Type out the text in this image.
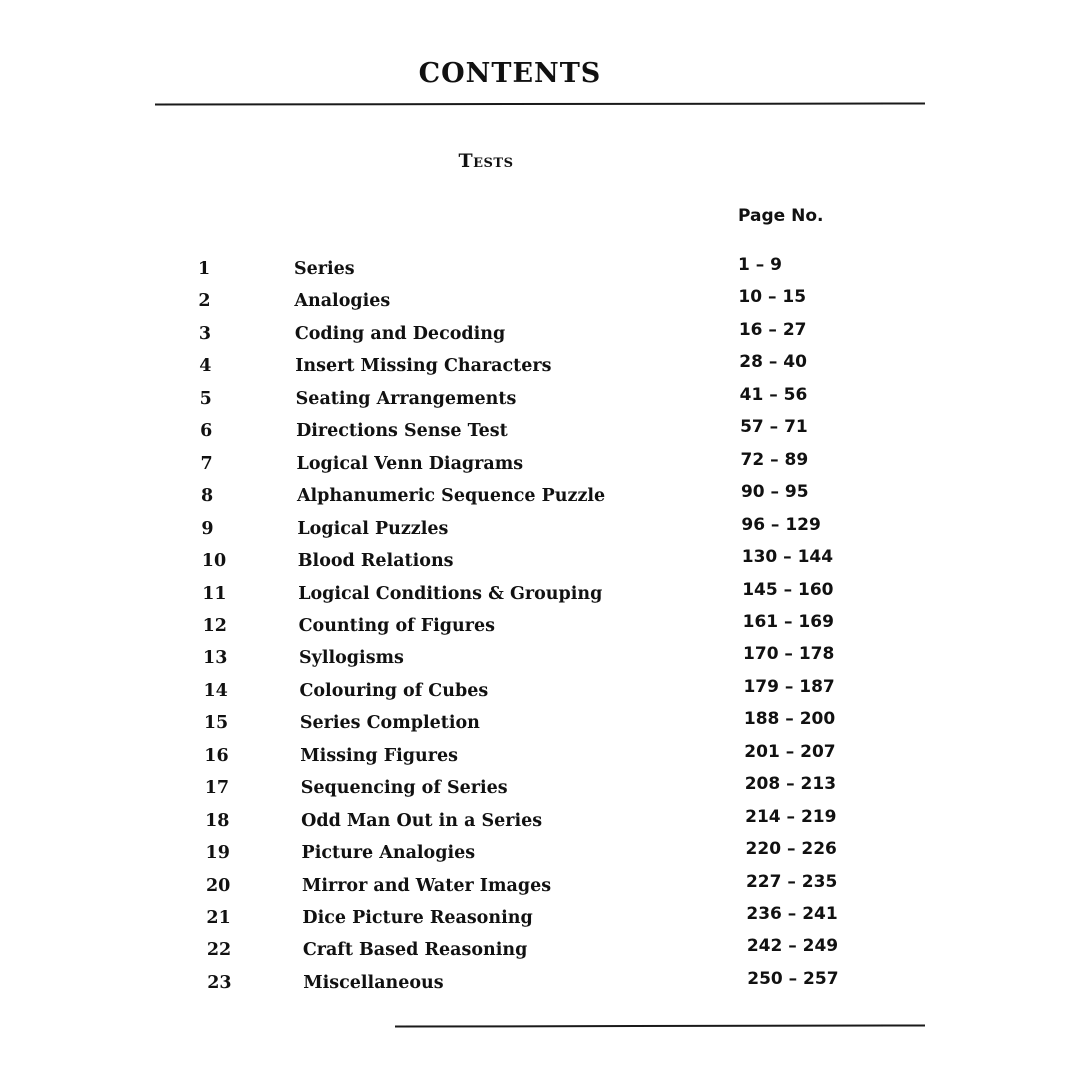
CONTENTS
Tests
Page No.
1	Series	1 – 9
2	Analogies	10 – 15
3	Coding and Decoding	16 – 27
4	Insert Missing Characters	28 – 40
5	Seating Arrangements	41 – 56
6	Directions Sense Test	57 – 71
7	Logical Venn Diagrams	72 – 89
8	Alphanumeric Sequence Puzzle	90 – 95
9	Logical Puzzles	96 – 129
10	Blood Relations	130 – 144
11	Logical Conditions & Grouping	145 – 160
12	Counting of Figures	161 – 169
13	Syllogisms	170 – 178
14	Colouring of Cubes	179 – 187
15	Series Completion	188 – 200
16	Missing Figures	201 – 207
17	Sequencing of Series	208 – 213
18	Odd Man Out in a Series	214 – 219
19	Picture Analogies	220 – 226
20	Mirror and Water Images	227 – 235
21	Dice Picture Reasoning	236 – 241
22	Craft Based Reasoning	242 – 249
23	Miscellaneous	250 – 257
